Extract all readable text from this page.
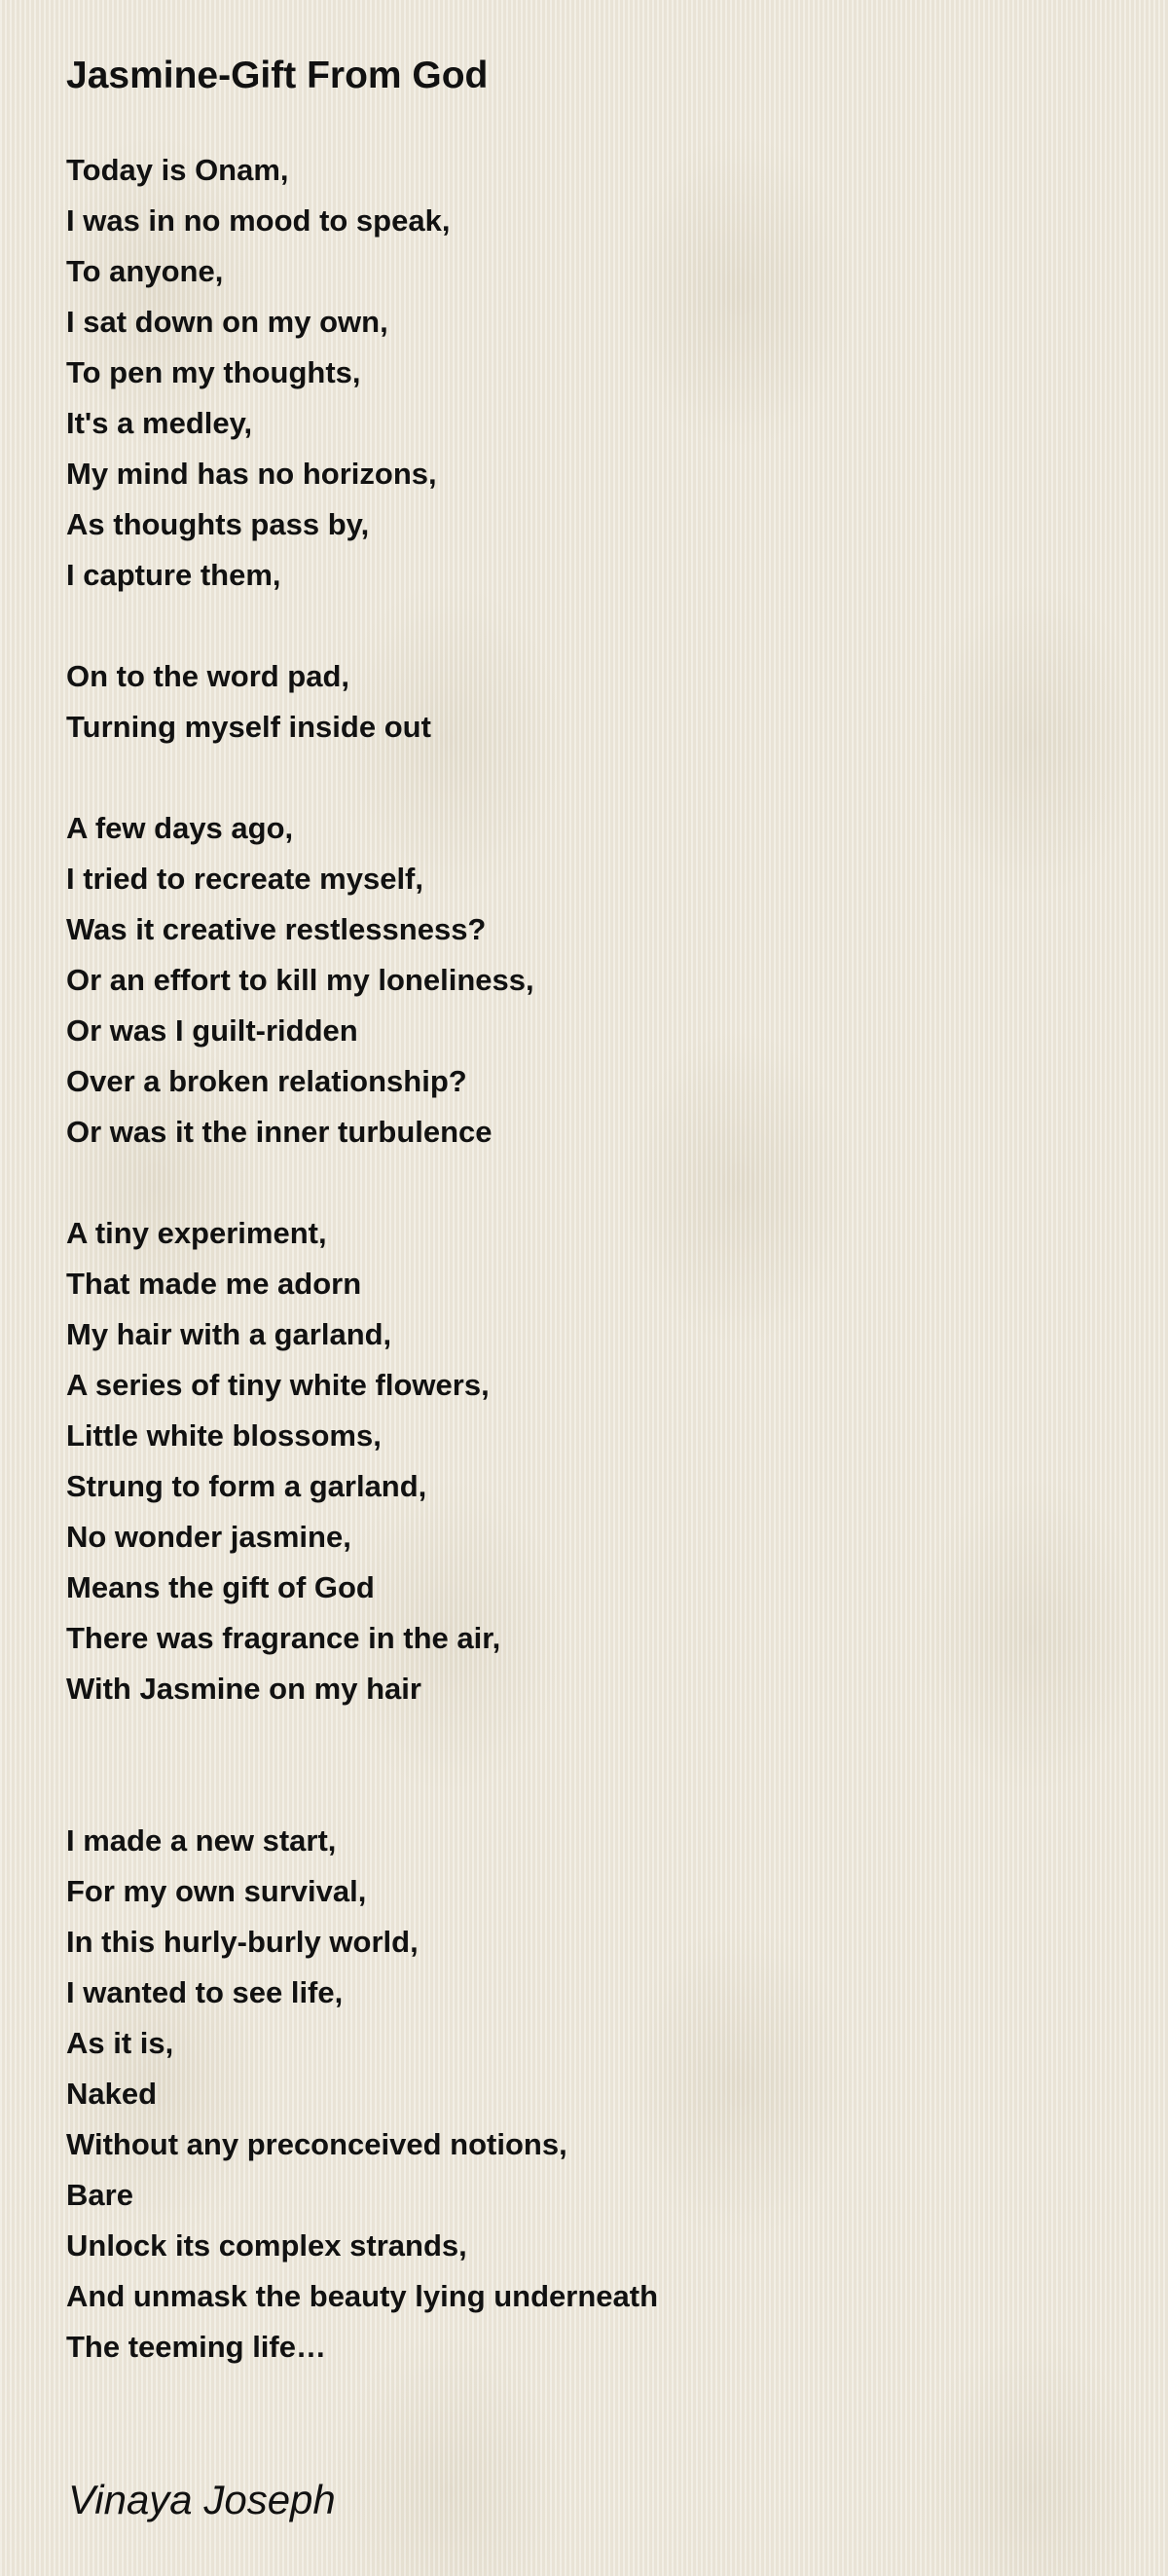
Jasmine-Gift From God
Today is Onam,
I was in no mood to speak,
To anyone,
I sat down on my own,
To pen my thoughts,
It's a medley,
My mind has no horizons,
As thoughts pass by,
I capture them,
On to the word pad,
Turning myself inside out
A few days ago,
I tried to recreate myself,
Was it creative restlessness?
Or an effort to kill my loneliness,
Or was I guilt-ridden
Over a broken relationship?
Or was it the inner turbulence
A tiny experiment,
That made me adorn
My hair with a garland,
A series of tiny white flowers,
Little white blossoms,
Strung to form a garland,
No wonder jasmine,
Means the gift of God
There was fragrance in the air,
With Jasmine on my hair
I made a new start,
For my own survival,
In this hurly-burly world,
I wanted to see life,
As it is,
Naked
Without any preconceived notions,
Bare
Unlock its complex strands,
And unmask the beauty lying underneath
The teeming life…
Vinaya Joseph
